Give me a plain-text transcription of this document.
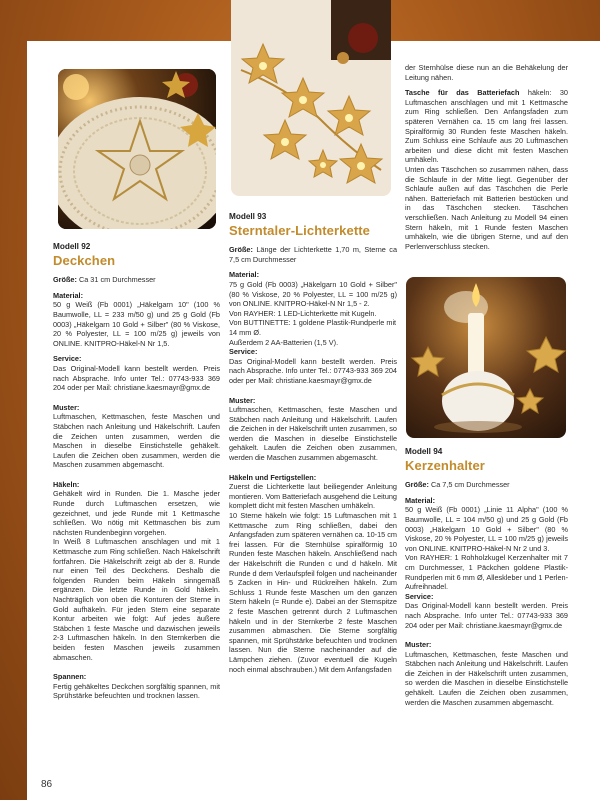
Modell 92
Deckchen

Größe: Ca 31 cm Durchmesser

Material:

50 g Weiß (Fb 0001) „Häkelgarn 10" (100 % Baumwolle, LL = 233 m/50 g) und 25 g Gold (Fb 0003) „Häkelgarn 10 Gold + Silber" (80 % Viskose, 20 % Polyester, LL = 100 m/25 g) jeweils von ONLINE. KNITPRO-Häkel-N Nr 1,5.

Service:

Das Original-Modell kann bestellt werden. Preis nach Absprache. Info unter Tel.: 07743-933 369 204 oder per Mail: christiane.kaesmayr@gmx.de

Muster:

Luftmaschen, Kettmaschen, feste Maschen und Stäbchen nach Anleitung und Häkelschrift. Laufen die Zeichen unten zusammen, werden die Maschen in dieselbe Einstichstelle gehäkelt. Laufen die Zeichen oben zusammen, werden die Maschen zusammen abgemascht.

Häkeln:

Gehäkelt wird in Runden. Die 1. Masche jeder Runde durch Luftmaschen ersetzen, wie gezeichnet, und jede Runde mit 1 Kettmasche schließen. Wo nötig mit Kettmaschen bis zum nächsten Rundenbeginn vorgehen.

In Weiß 8 Luftmaschen anschlagen und mit 1 Kettmasche zum Ring schließen. Nach Häkelschrift fortfahren. Die Häkelschrift zeigt ab der 8. Runde nur einen Teil des Deckchens. Deshalb die folgenden Runden beim Häkeln sinngemäß ergänzen. Die letzte Runde in Gold häkeln. Nachträglich von oben die Konturen der Sterne in Gold aufhäkeln. Für jeden Stern eine separate Kontur arbeiten wie folgt: Auf jedes äußere Stäbchen 1 feste Masche und dazwischen jeweils 2-3 Luftmaschen häkeln. In den Sternkerben die beiden festen Maschen jeweils zusammen abmaschen.

Spannen:

Fertig gehäkeltes Deckchen sorgfältig spannen, mit Sprühstärke befeuchten und trocknen lassen.

Modell 93
Sterntaler-Lichterkette

Größe: Länge der Lichterkette 1,70 m, Sterne ca 7,5 cm Durchmesser

Material:

75 g Gold (Fb 0003) „Häkelgarn 10 Gold + Silber" (80 % Viskose, 20 % Polyester, LL = 100 m/25 g) von ONLINE. KNITPRO-Häkel-N Nr 1,5 - 2.

Von RAYHER: 1 LED-Lichterkette mit Kugeln.

Von BUTTINETTE: 1 goldene Plastik-Rundperle mit 14 mm Ø.

Außerdem 2 AA-Batterien (1,5 V).

Service:

Das Original-Modell kann bestellt werden. Preis nach Absprache. Info unter Tel.: 07743-933 369 204 oder per Mail: christiane.kaesmayr@gmx.de

Muster:

Luftmaschen, Kettmaschen, feste Maschen und Stäbchen nach Anleitung und Häkelschrift. Laufen die Zeichen in der Häkelschrift unten zusammen, so werden die Maschen in dieselbe Einstichstelle gehäkelt. Laufen die Zeichen oben zusammen, werden die Maschen zusammen abgemascht.

Häkeln und Fertigstellen:

Zuerst die Lichterkette laut beiliegender Anleitung montieren. Vom Batteriefach ausgehend die Leitung komplett dicht mit festen Maschen umhäkeln.

10 Sterne häkeln wie folgt: 15 Luftmaschen mit 1 Kettmasche zum Ring schließen, dabei den Anfangsfaden zum späteren vernähen ca. 10-15 cm frei lassen. Für die Sternhülse spiralförmig 10 Runden feste Maschen häkeln. Anschließend nach der Häkelschrift die Runden c und d häkeln. Mit Runde d dem Verlaufspfeil folgen und nacheinander 5 Zacken in Hin- und Rückreihen häkeln. Zum Schluss 1 Runde feste Maschen um den ganzen Stern häkeln (= Runde e). Dabei an der Sternspitze 2 feste Maschen getrennt durch 2 Luftmaschen häkeln und in der Sternkerbe 2 feste Maschen zusammen abmaschen. Die Sterne sorgfältig spannen, mit Sprühstärke befeuchten und trocknen lassen. Nun die Sterne nacheinander auf die Lämpchen ziehen. (Zuvor eventuell die Kugeln noch einmal abschrauben.) Mit dem Anfangsfaden

der Sternhülse diese nun an die Behäkelung der Leitung nähen.

Tasche für das Batteriefach häkeln: 30 Luftmaschen anschlagen und mit 1 Kettmasche zum Ring schließen. Den Anfangsfaden zum späteren Vernähen ca. 15 cm lang frei lassen. Spiralförmig 30 Runden feste Maschen häkeln. Zum Schluss eine Schlaufe aus 20 Luftmaschen arbeiten und diese dicht mit festen Maschen umhäkeln.

Unten das Täschchen so zusammen nähen, dass die Schlaufe in der Mitte liegt. Gegenüber der Schlaufe außen auf das Täschchen die Perle nähen. Batteriefach mit Batterien bestücken und in das Täschchen stecken. Täschchen verschließen. Nach Anleitung zu Modell 94 einen Stern häkeln, mit 1 Runde festen Maschen umhäkeln, wie die übrigen Sterne, und auf den Perlenverschluss stecken.

Modell 94
Kerzenhalter

Größe: Ca 7,5 cm Durchmesser

Material:

50 g Weiß (Fb 0001) „Linie 11 Alpha" (100 % Baumwolle, LL = 104 m/50 g) und 25 g Gold (Fb 0003) „Häkelgarn 10 Gold + Silber" (80 % Viskose, 20 % Polyester, LL = 100 m/25 g) jeweils von ONLINE. KNITPRO-Häkel-N Nr 2 und 3.

Von RAYHER: 1 Rohholzkugel Kerzenhalter mit 7 cm Durchmesser, 1 Päckchen goldene Plastik-Rundperlen mit 6 mm Ø, Alleskleber und 1 Perlen-Aufreihnadel.

Service:

Das Original-Modell kann bestellt werden. Preis nach Absprache. Info unter Tel.: 07743-933 369 204 oder per Mail: christiane.kaesmayr@gmx.de

Muster:

Luftmaschen, Kettmaschen, feste Maschen und Stäbchen nach Anleitung und Häkelschrift. Laufen die Zeichen in der Häkelschrift unten zusammen, so werden die Maschen in dieselbe Einstichstelle gehäkelt. Laufen die Zeichen oben zusammen, werden die Maschen zusammen abgemascht.

86	PassionForum.ru
